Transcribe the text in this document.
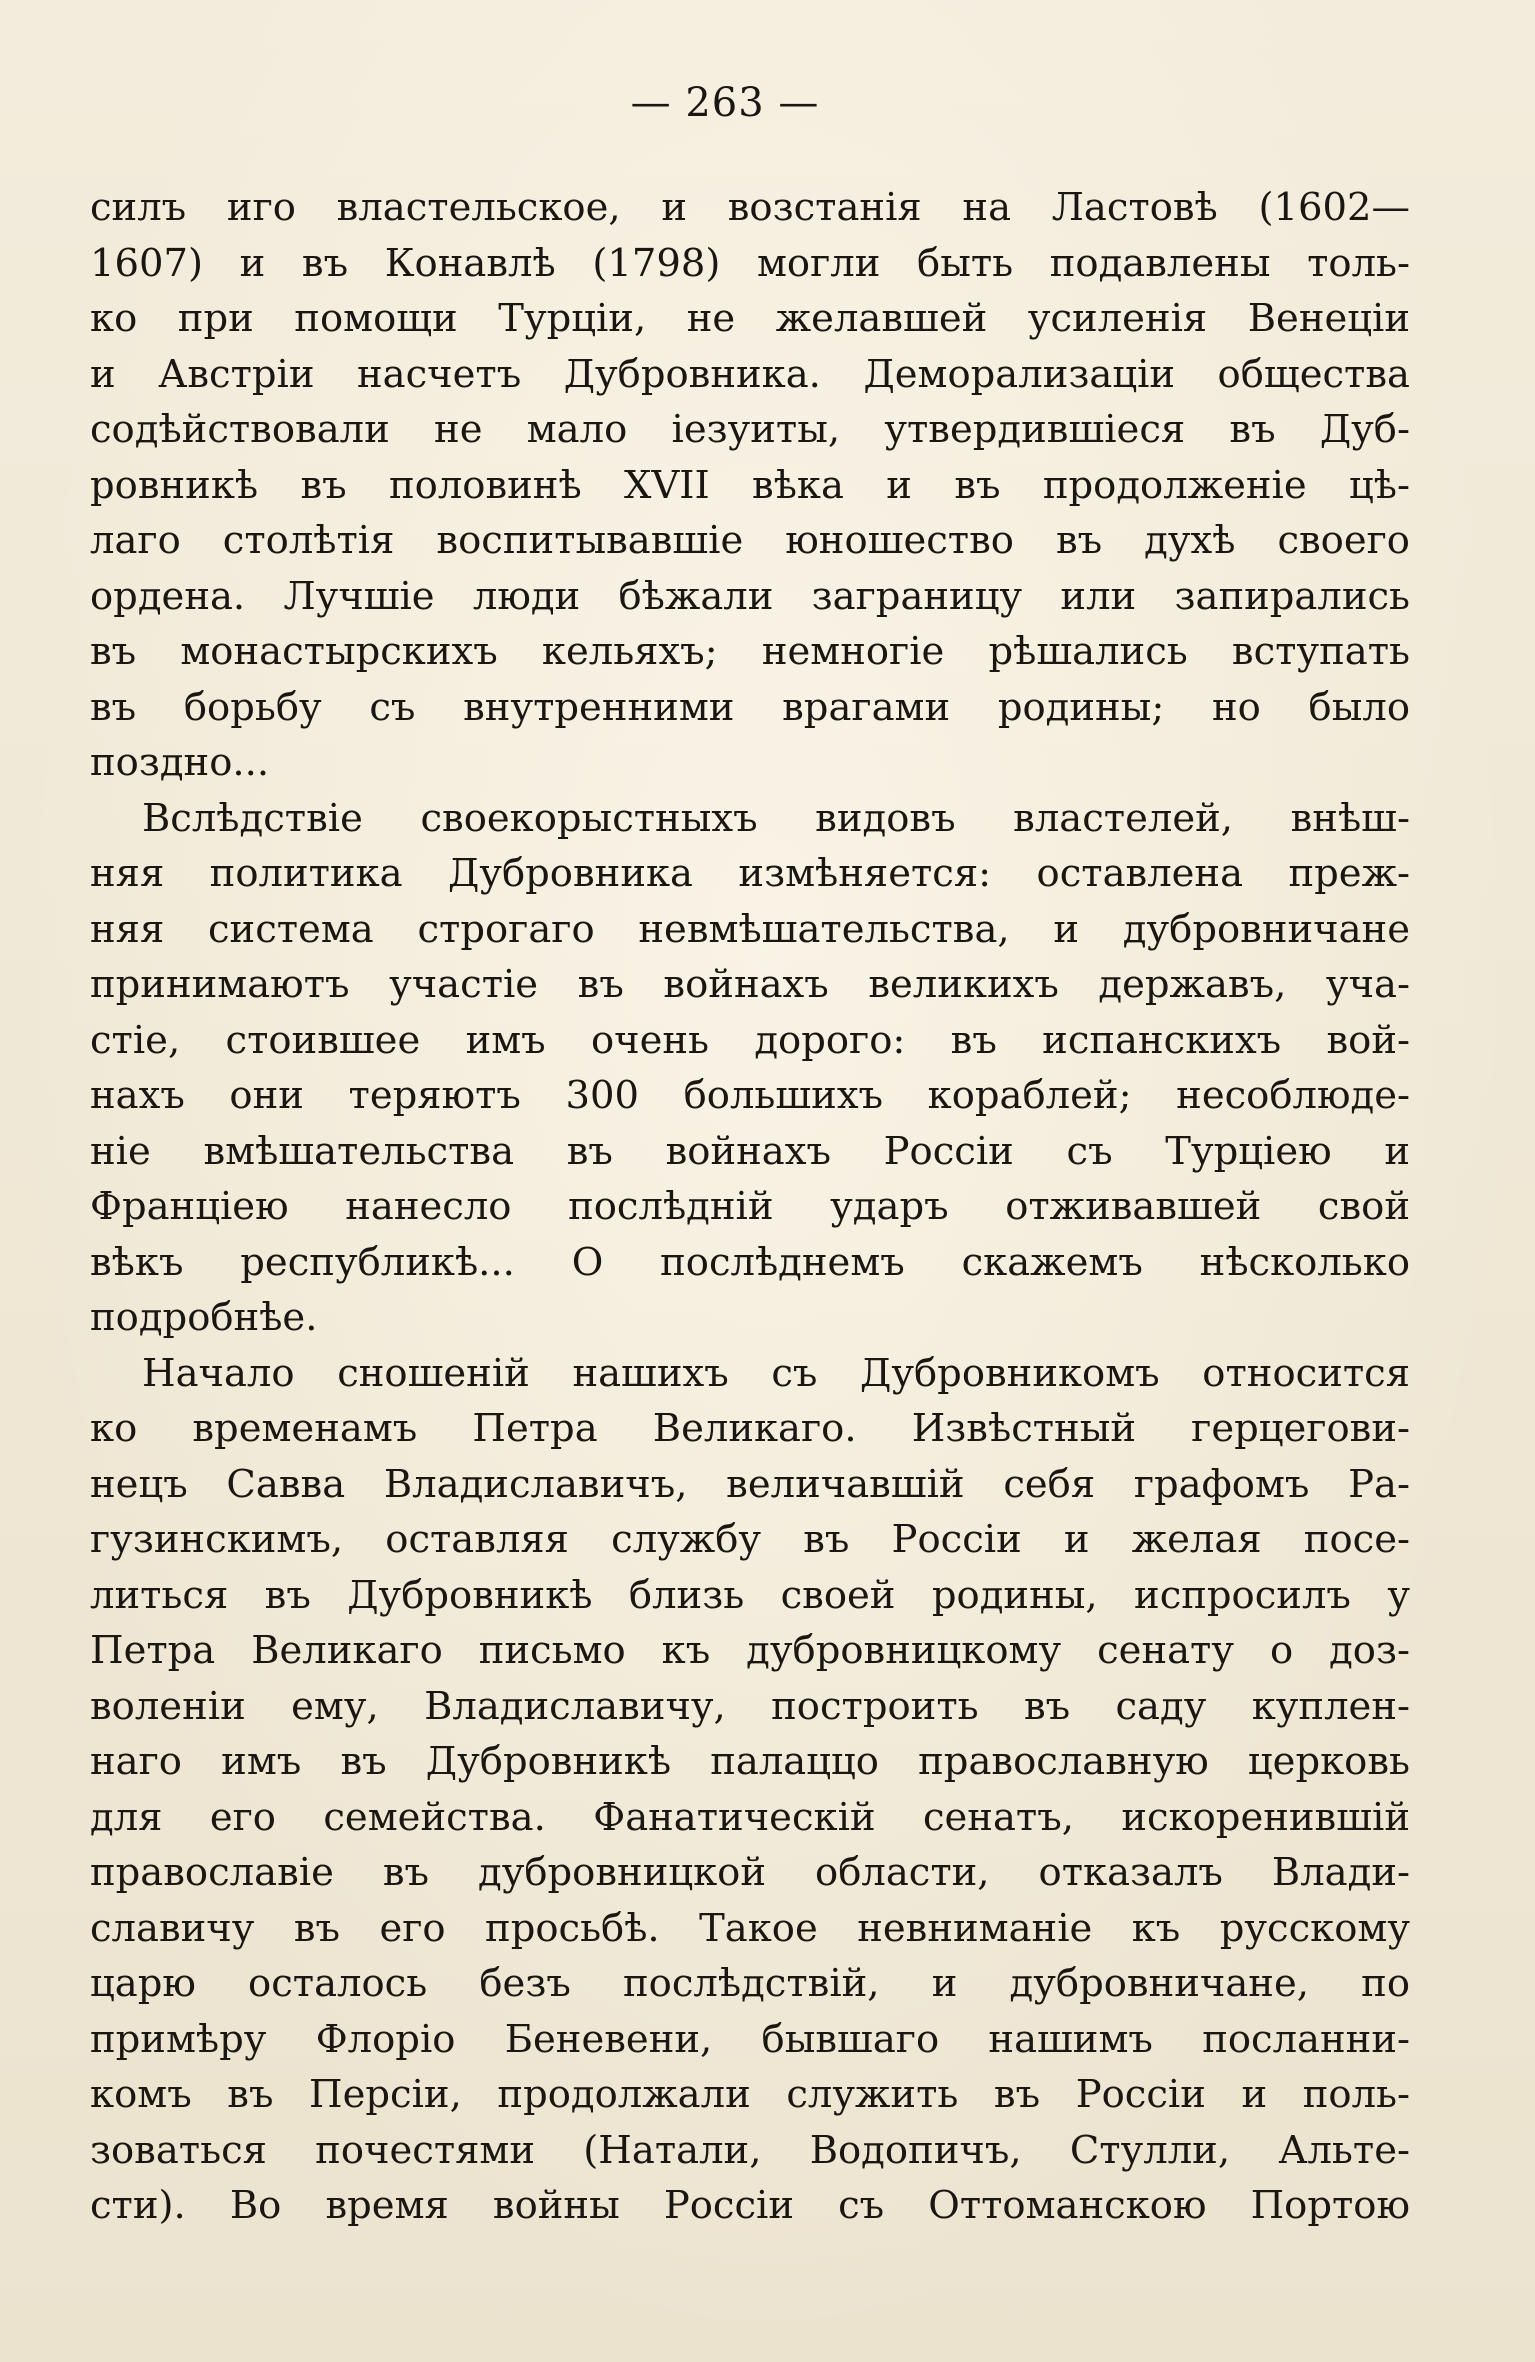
— 263 —

силъ иго властельское, и возстанія на Ластовѣ (1602—
1607) и въ Конавлѣ (1798) могли быть подавлены толь-
ко при помощи Турціи, не желавшей усиленія Венеціи
и Австріи насчетъ Дубровника. Деморализаціи общества
содѣйствовали не мало іезуиты, утвердившіеся въ Дуб-
ровникѣ въ половинѣ XVII вѣка и въ продолженіе цѣ-
лаго столѣтія воспитывавшіе юношество въ духѣ своего
ордена. Лучшіе люди бѣжали заграницу или запирались
въ монастырскихъ кельяхъ; немногіе рѣшались вступать
въ борьбу съ внутренними врагами родины; но было
поздно...

Вслѣдствіе своекорыстныхъ видовъ властелей, внѣш-
няя политика Дубровника измѣняется: оставлена преж-
няя система строгаго невмѣшательства, и дубровничане
принимаютъ участіе въ войнахъ великихъ державъ, уча-
стіе, стоившее имъ очень дорого: въ испанскихъ вой-
нахъ они теряютъ 300 большихъ кораблей; несоблюде-
ніе вмѣшательства въ войнахъ Россіи съ Турціею и
Франціею нанесло послѣдній ударъ отживавшей свой
вѣкъ республикѣ... О послѣднемъ скажемъ нѣсколько
подробнѣе.

Начало сношеній нашихъ съ Дубровникомъ относится
ко временамъ Петра Великаго. Извѣстный герцегови-
нецъ Савва Владиславичъ, величавшій себя графомъ Ра-
гузинскимъ, оставляя службу въ Россіи и желая посе-
литься въ Дубровникѣ близь своей родины, испросилъ у
Петра Великаго письмо къ дубровницкому сенату о доз-
воленіи ему, Владиславичу, построить въ саду куплен-
наго имъ въ Дубровникѣ палаццо православную церковь
для его семейства. Фанатическій сенатъ, искоренившій
православіе въ дубровницкой области, отказалъ Влади-
славичу въ его просьбѣ. Такое невниманіе къ русскому
царю осталось безъ послѣдствій, и дубровничане, по
примѣру Флоріо Беневени, бывшаго нашимъ посланни-
комъ въ Персіи, продолжали служить въ Россіи и поль-
зоваться почестями (Натали, Водопичъ, Стулли, Альте-
сти). Во время войны Россіи съ Оттоманскою Портою
